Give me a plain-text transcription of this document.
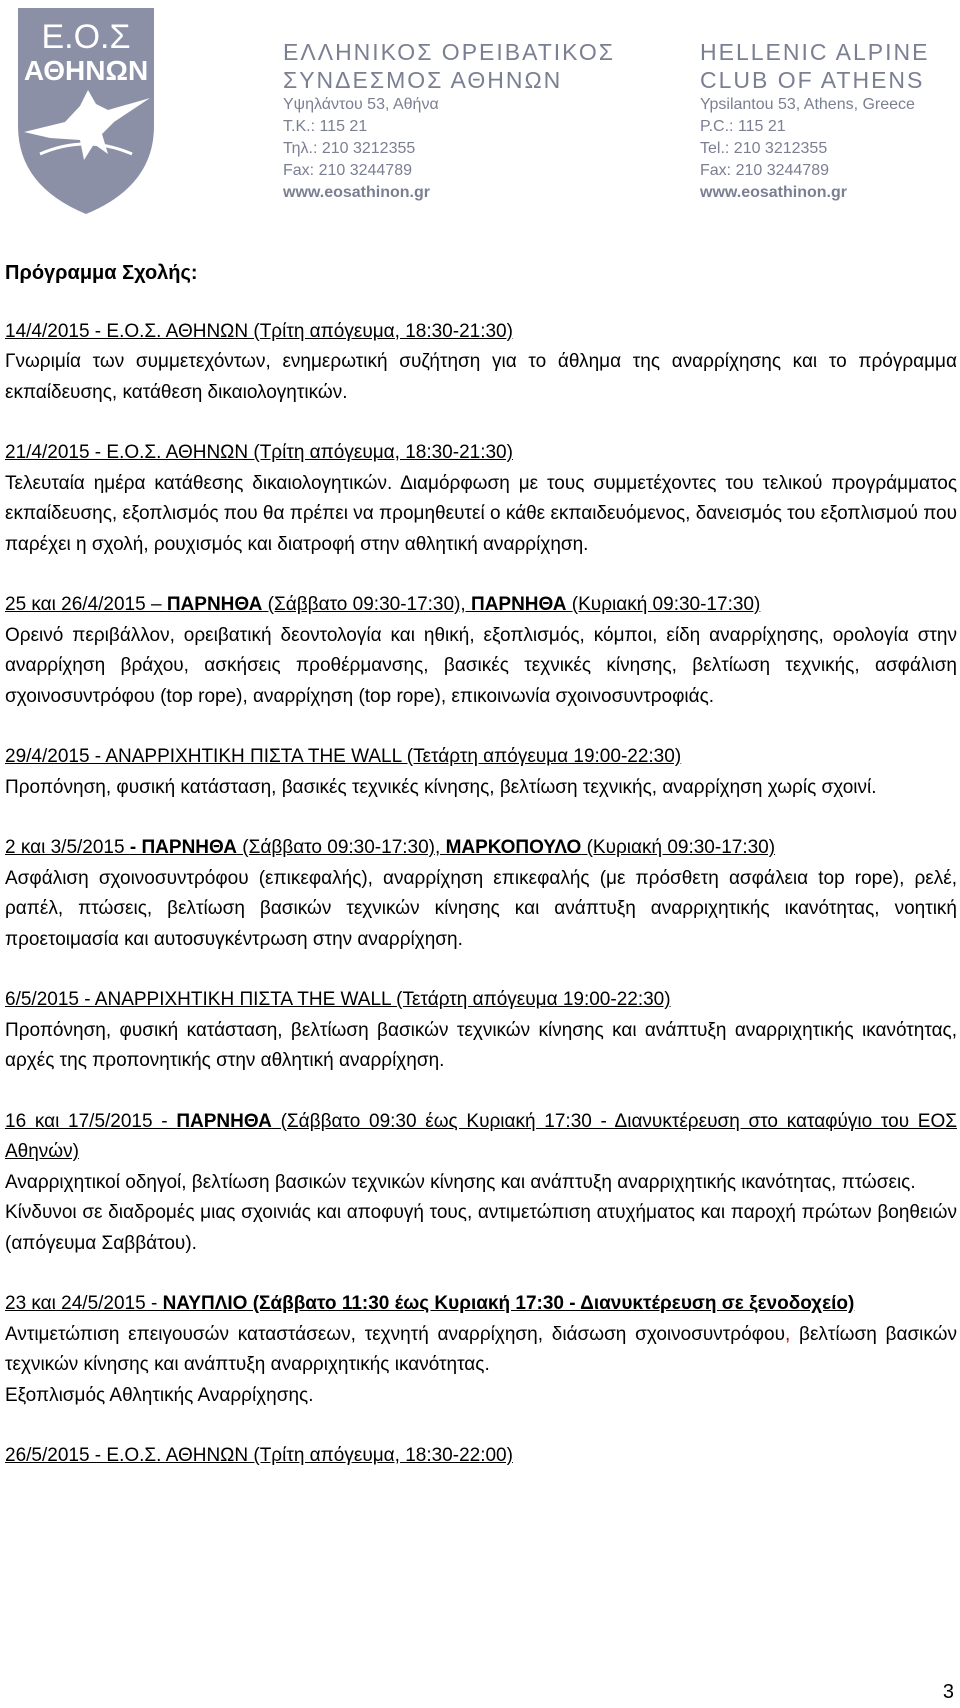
Ε.Ο.Σ
ΑΘΗΝΩΝ
ΕΛΛΗΝΙΚΟΣ ΟΡΕΙΒΑΤΙΚΟΣ
ΣΥΝΔΕΣΜΟΣ ΑΘΗΝΩΝ
Υψηλάντου 53, Αθήνα
Τ.Κ.: 115 21
Τηλ.: 210 3212355
Fax: 210 3244789
www.eosathinon.gr
HELLENIC ALPINE
CLUB OF ATHENS
Ypsilantou 53, Athens, Greece
P.C.: 115 21
Tel.: 210 3212355
Fax: 210 3244789
www.eosathinon.gr
Πρόγραμμα Σχολής:

14/4/2015 - Ε.Ο.Σ. ΑΘΗΝΩΝ (Τρίτη απόγευμα, 18:30-21:30)

Γνωριμία των συμμετεχόντων, ενημερωτική συζήτηση για το άθλημα της αναρρίχησης και το πρόγραμμα εκπαίδευσης, κατάθεση δικαιολογητικών.

21/4/2015 - Ε.Ο.Σ. ΑΘΗΝΩΝ (Τρίτη απόγευμα, 18:30-21:30)

Τελευταία ημέρα κατάθεσης δικαιολογητικών. Διαμόρφωση με τους συμμετέχοντες του τελικού προγράμματος εκπαίδευσης, εξοπλισμός που θα πρέπει να προμηθευτεί ο κάθε εκπαιδευόμενος, δανεισμός του εξοπλισμού που παρέχει η σχολή, ρουχισμός και διατροφή στην αθλητική αναρρίχηση.

25 και 26/4/2015 – ΠΑΡΝΗΘΑ (Σάββατο 09:30-17:30), ΠΑΡΝΗΘΑ (Κυριακή 09:30-17:30)

Ορεινό περιβάλλον, ορειβατική δεοντολογία και ηθική, εξοπλισμός, κόμποι, είδη αναρρίχησης, ορολογία στην αναρρίχηση βράχου, ασκήσεις προθέρμανσης, βασικές τεχνικές κίνησης, βελτίωση τεχνικής, ασφάλιση σχοινοσυντρόφου (top rope), αναρρίχηση (top rope), επικοινωνία σχοινοσυντροφιάς.

29/4/2015 - ΑΝΑΡΡΙΧΗΤΙΚΗ ΠΙΣΤΑ THE WALL (Τετάρτη απόγευμα 19:00-22:30)

Προπόνηση, φυσική κατάσταση, βασικές τεχνικές κίνησης, βελτίωση τεχνικής, αναρρίχηση χωρίς σχοινί.

2 και 3/5/2015 - ΠΑΡΝΗΘΑ (Σάββατο 09:30-17:30), ΜΑΡΚΟΠΟΥΛΟ (Κυριακή 09:30-17:30)

Ασφάλιση σχοινοσυντρόφου (επικεφαλής), αναρρίχηση επικεφαλής (με πρόσθετη ασφάλεια top rope), ρελέ, ραπέλ, πτώσεις, βελτίωση βασικών τεχνικών κίνησης και ανάπτυξη αναρριχητικής ικανότητας, νοητική προετοιμασία και αυτοσυγκέντρωση στην αναρρίχηση.

6/5/2015 - ΑΝΑΡΡΙΧΗΤΙΚΗ ΠΙΣΤΑ THE WALL (Τετάρτη απόγευμα 19:00-22:30)

Προπόνηση, φυσική κατάσταση, βελτίωση βασικών τεχνικών κίνησης και ανάπτυξη αναρριχητικής ικανότητας, αρχές της προπονητικής στην αθλητική αναρρίχηση.

16 και 17/5/2015 - ΠΑΡΝΗΘΑ (Σάββατο 09:30 έως Κυριακή 17:30 - Διανυκτέρευση στο καταφύγιο του ΕΟΣ Αθηνών)

Αναρριχητικοί οδηγοί, βελτίωση βασικών τεχνικών κίνησης και ανάπτυξη αναρριχητικής ικανότητας, πτώσεις.

Κίνδυνοι σε διαδρομές μιας σχοινιάς και αποφυγή τους, αντιμετώπιση ατυχήματος και παροχή πρώτων βοηθειών (απόγευμα Σαββάτου).

23 και 24/5/2015 - ΝΑΥΠΛΙΟ (Σάββατο 11:30 έως Κυριακή 17:30 - Διανυκτέρευση σε ξενοδοχείο)

Αντιμετώπιση επειγουσών καταστάσεων, τεχνητή αναρρίχηση, διάσωση σχοινοσυντρόφου, βελτίωση βασικών τεχνικών κίνησης και ανάπτυξη αναρριχητικής ικανότητας.

Εξοπλισμός Αθλητικής Αναρρίχησης.

26/5/2015 - Ε.Ο.Σ. ΑΘΗΝΩΝ (Τρίτη απόγευμα, 18:30-22:00)

3
